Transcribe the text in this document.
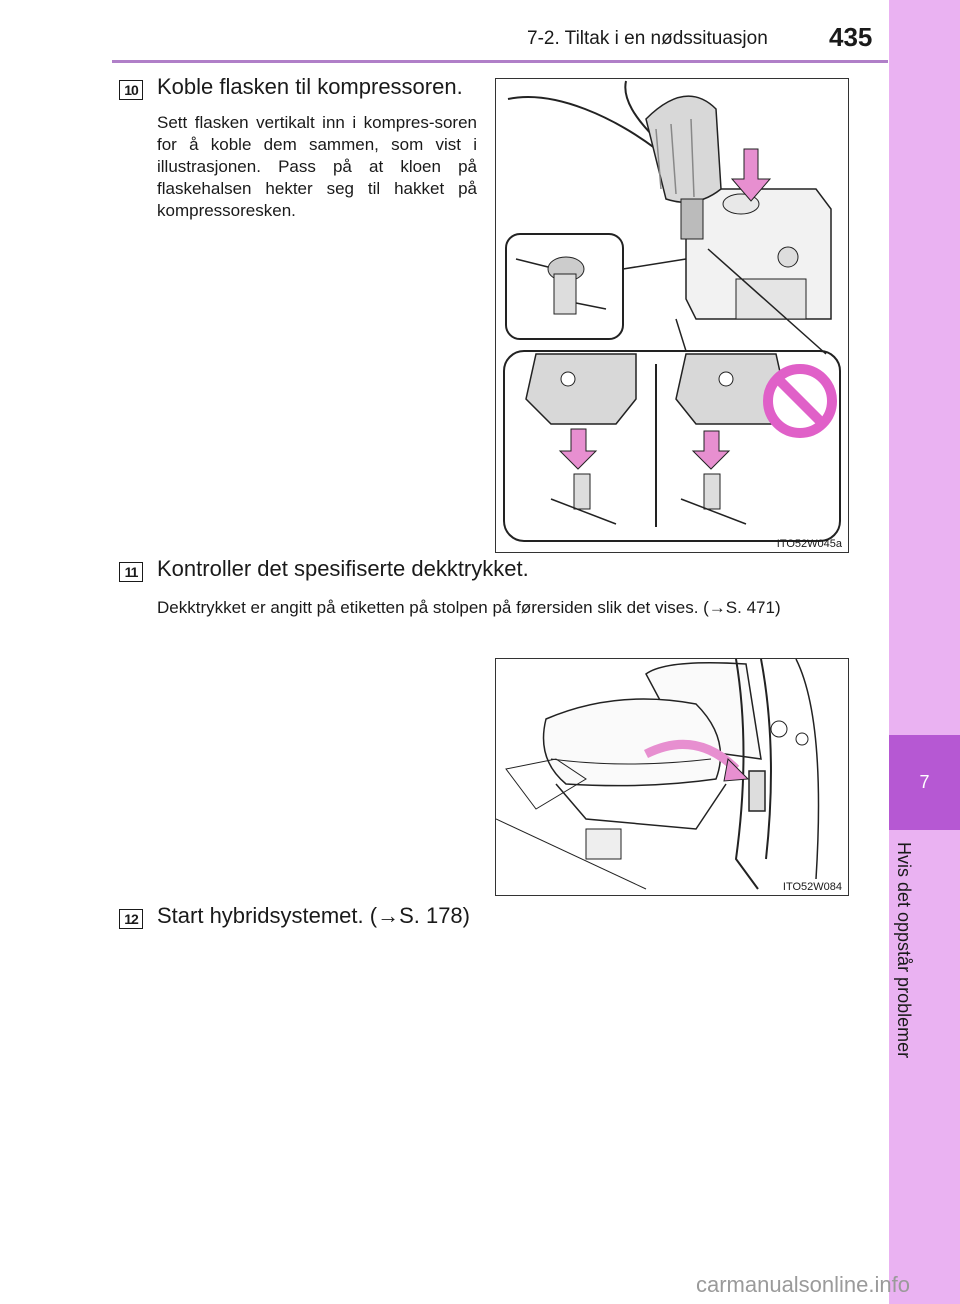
7-2. Tiltak i en nødssituasjon 435
7
Hvis det oppstår problemer
10 Koble flasken til kompressoren.
Sett flasken vertikalt inn i kompres-soren for å koble dem sammen, som vist i illustrasjonen. Pass på at kloen på flaskehalsen hekter seg til hakket på kompressoresken.
ITO52W045a
11 Kontroller det spesifiserte dekktrykket.
Dekktrykket er angitt på etiketten på stolpen på førersiden slik det vises. (→S. 471)
ITO52W084
12 Start hybridsystemet. (→S. 178)
carmanualsonline.info
